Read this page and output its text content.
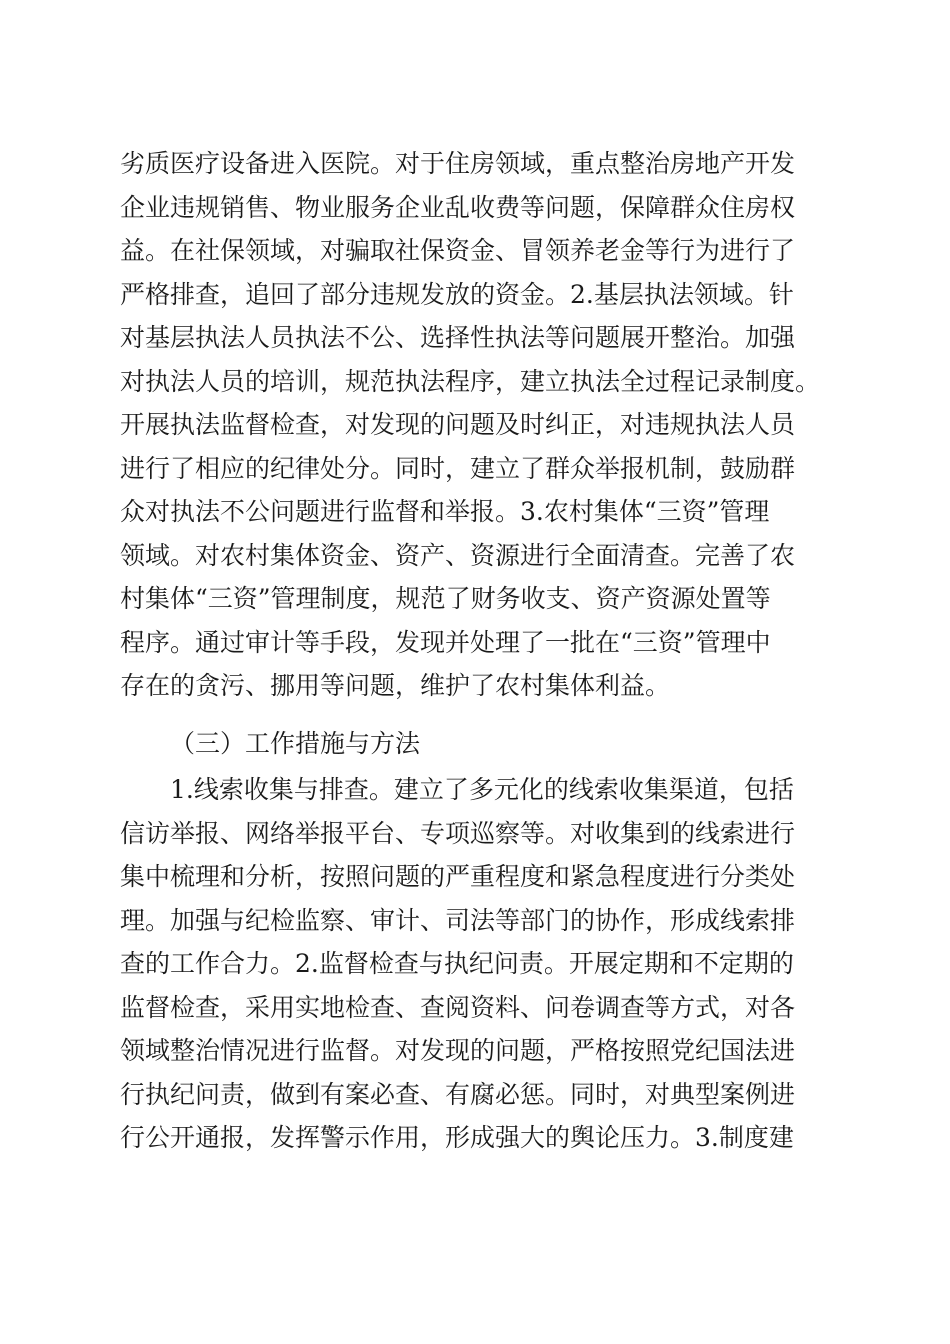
劣质医疗设备进入医院。对于住房领域，重点整治房地产开发
企业违规销售、物业服务企业乱收费等问题，保障群众住房权
益。在社保领域，对骗取社保资金、冒领养老金等行为进行了
严格排查，追回了部分违规发放的资金。2.基层执法领域。针
对基层执法人员执法不公、选择性执法等问题展开整治。加强
对执法人员的培训，规范执法程序，建立执法全过程记录制度。
开展执法监督检查，对发现的问题及时纠正，对违规执法人员
进行了相应的纪律处分。同时，建立了群众举报机制，鼓励群
众对执法不公问题进行监督和举报。3.农村集体“三资”管理
领域。对农村集体资金、资产、资源进行全面清查。完善了农
村集体“三资”管理制度，规范了财务收支、资产资源处置等
程序。通过审计等手段，发现并处理了一批在“三资”管理中
存在的贪污、挪用等问题，维护了农村集体利益。
（三）工作措施与方法
1.线索收集与排查。建立了多元化的线索收集渠道，包括
信访举报、网络举报平台、专项巡察等。对收集到的线索进行
集中梳理和分析，按照问题的严重程度和紧急程度进行分类处
理。加强与纪检监察、审计、司法等部门的协作，形成线索排
查的工作合力。2.监督检查与执纪问责。开展定期和不定期的
监督检查，采用实地检查、查阅资料、问卷调查等方式，对各
领域整治情况进行监督。对发现的问题，严格按照党纪国法进
行执纪问责，做到有案必查、有腐必惩。同时，对典型案例进
行公开通报，发挥警示作用，形成强大的舆论压力。3.制度建
